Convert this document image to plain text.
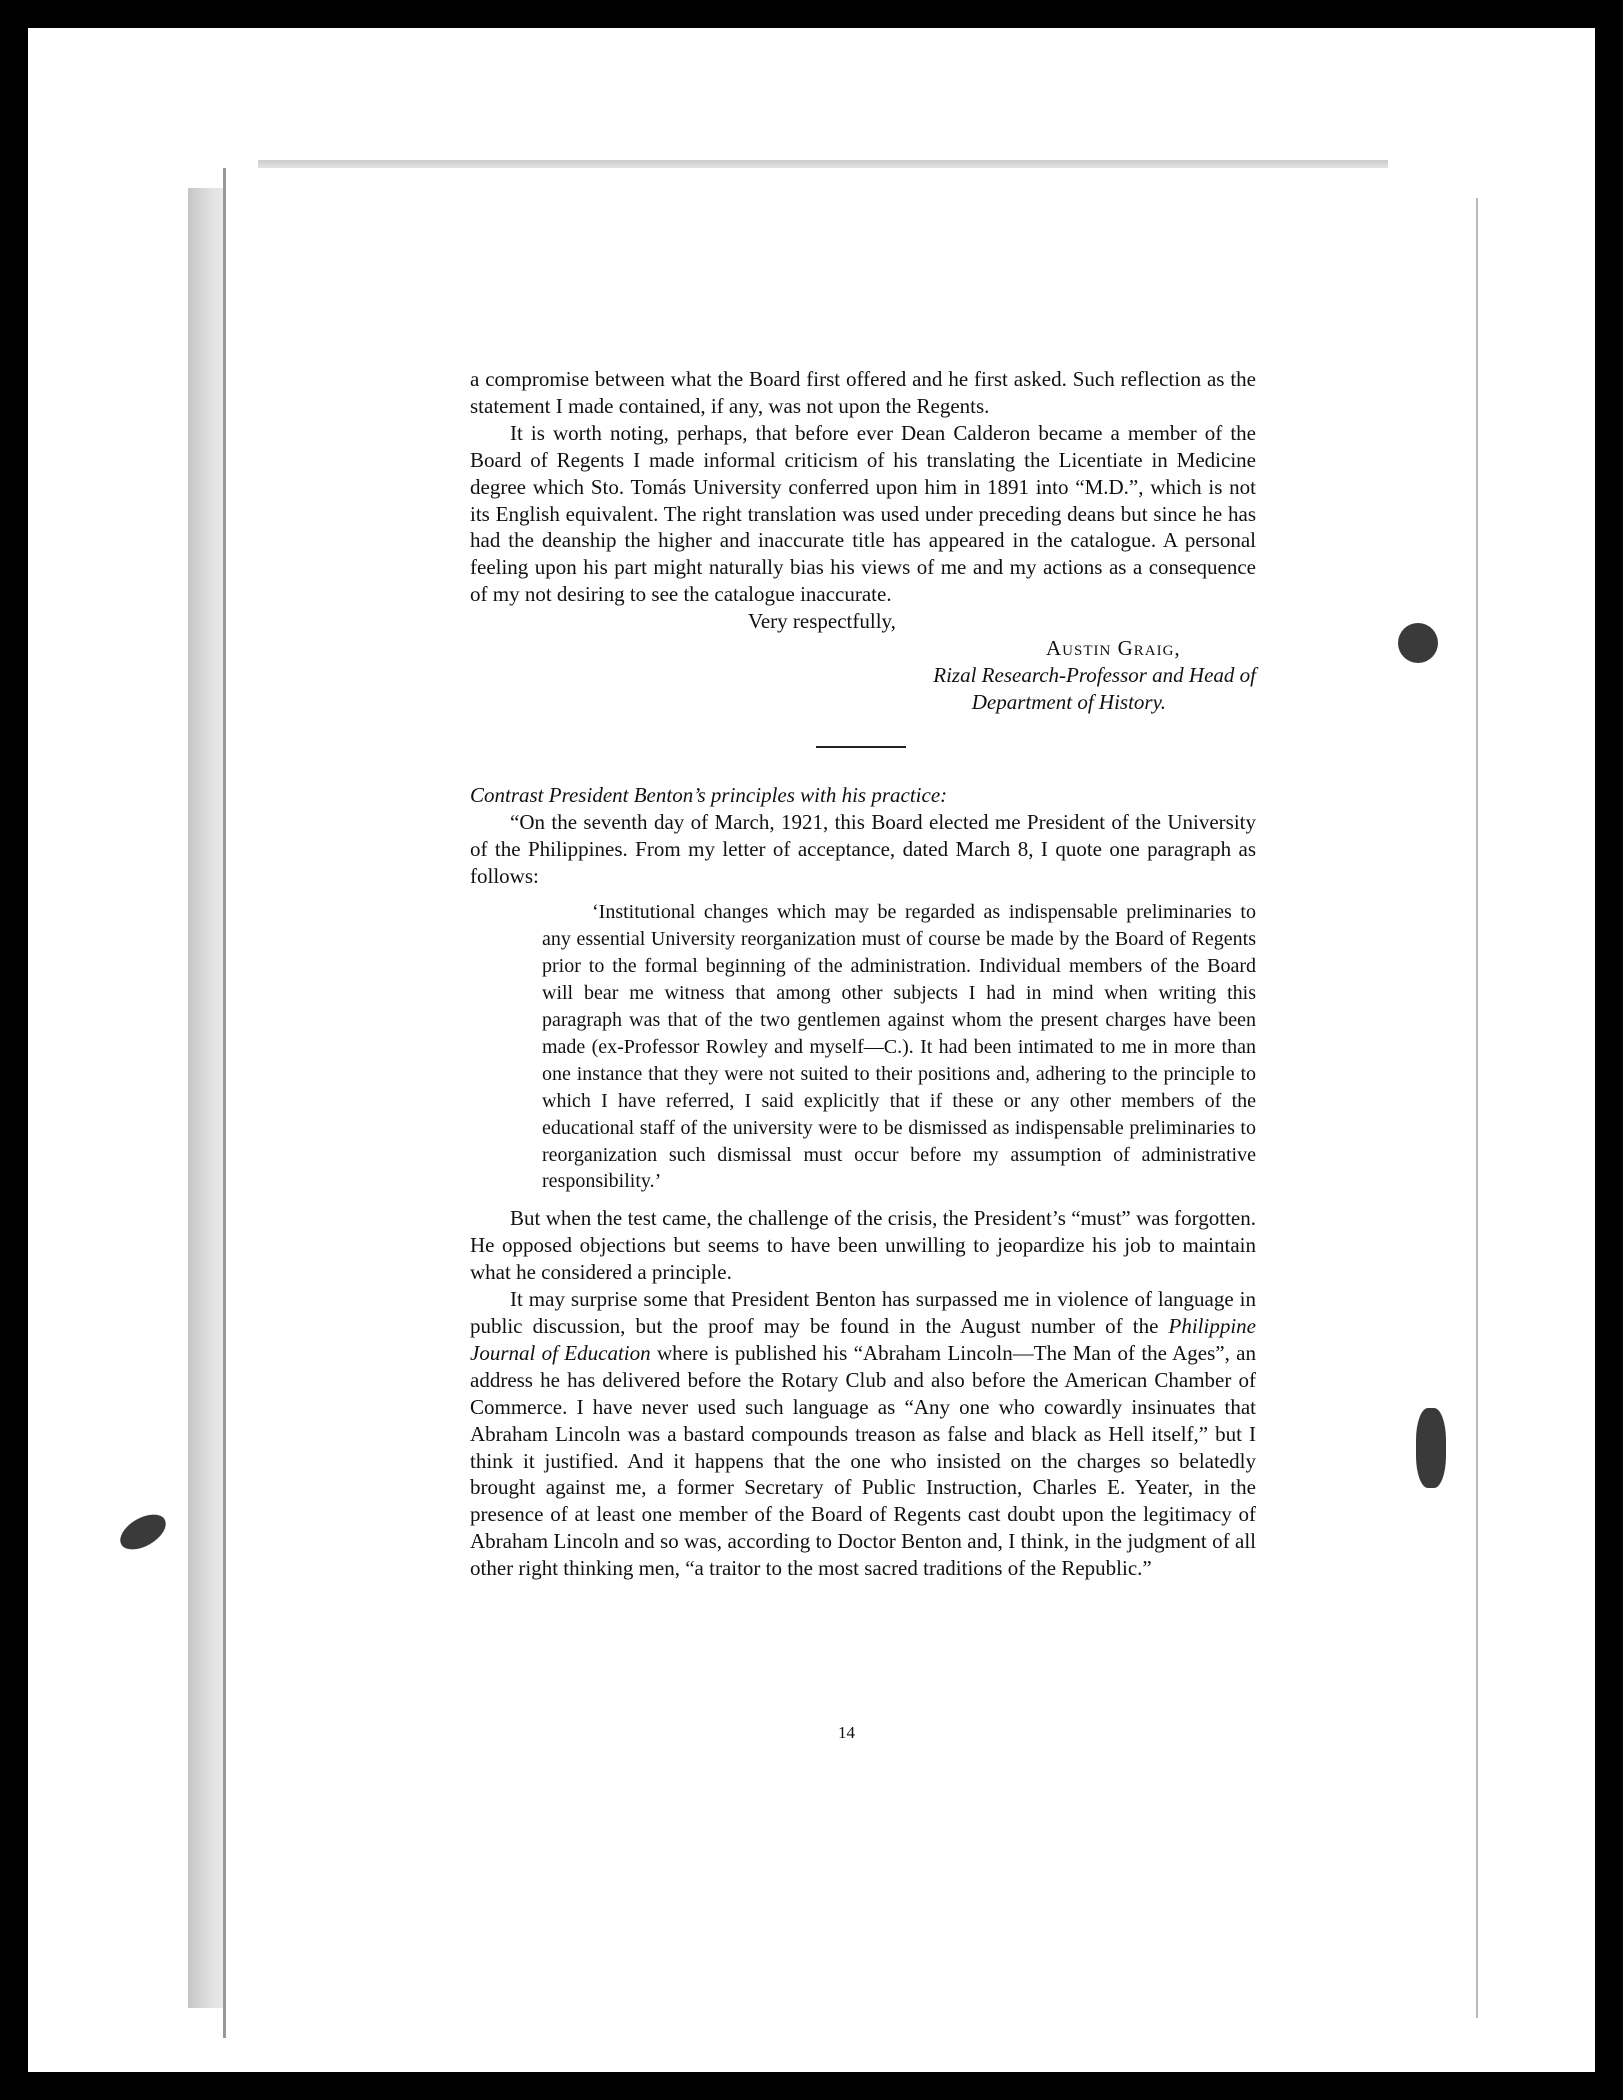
a compromise between what the Board first offered and he first asked. Such reflection as the statement I made contained, if any, was not upon the Regents.

It is worth noting, perhaps, that before ever Dean Calderon became a member of the Board of Regents I made informal criticism of his translating the Licentiate in Medicine degree which Sto. Tomás University conferred upon him in 1891 into “M.D.”, which is not its English equivalent. The right translation was used under preceding deans but since he has had the deanship the higher and inaccurate title has appeared in the catalogue. A personal feeling upon his part might naturally bias his views of me and my actions as a consequence of my not desiring to see the catalogue inaccurate.

Very respectfully,

Austin Graig,

Rizal Research-Professor and Head of

Department of History.

Contrast President Benton’s principles with his practice:

“On the seventh day of March, 1921, this Board elected me President of the University of the Philippines. From my letter of acceptance, dated March 8, I quote one paragraph as follows:

‘Institutional changes which may be regarded as indispensable preliminaries to any essential University reorganization must of course be made by the Board of Regents prior to the formal beginning of the administration. Individual members of the Board will bear me witness that among other subjects I had in mind when writing this paragraph was that of the two gentlemen against whom the present charges have been made (ex-Professor Rowley and myself—C.). It had been intimated to me in more than one instance that they were not suited to their positions and, adhering to the principle to which I have referred, I said explicitly that if these or any other members of the educational staff of the university were to be dismissed as indispensable preliminaries to reorganization such dismissal must occur before my assumption of administrative responsibility.’

But when the test came, the challenge of the crisis, the President’s “must” was forgotten. He opposed objections but seems to have been unwilling to jeopardize his job to maintain what he considered a principle.

It may surprise some that President Benton has surpassed me in violence of language in public discussion, but the proof may be found in the August number of the Philippine Journal of Education where is published his “Abraham Lincoln—The Man of the Ages”, an address he has delivered before the Rotary Club and also before the American Chamber of Commerce. I have never used such language as “Any one who cowardly insinuates that Abraham Lincoln was a bastard compounds treason as false and black as Hell itself,” but I think it justified. And it happens that the one who insisted on the charges so belatedly brought against me, a former Secretary of Public Instruction, Charles E. Yeater, in the presence of at least one member of the Board of Regents cast doubt upon the legitimacy of Abraham Lincoln and so was, according to Doctor Benton and, I think, in the judgment of all other right thinking men, “a traitor to the most sacred traditions of the Republic.”

14
